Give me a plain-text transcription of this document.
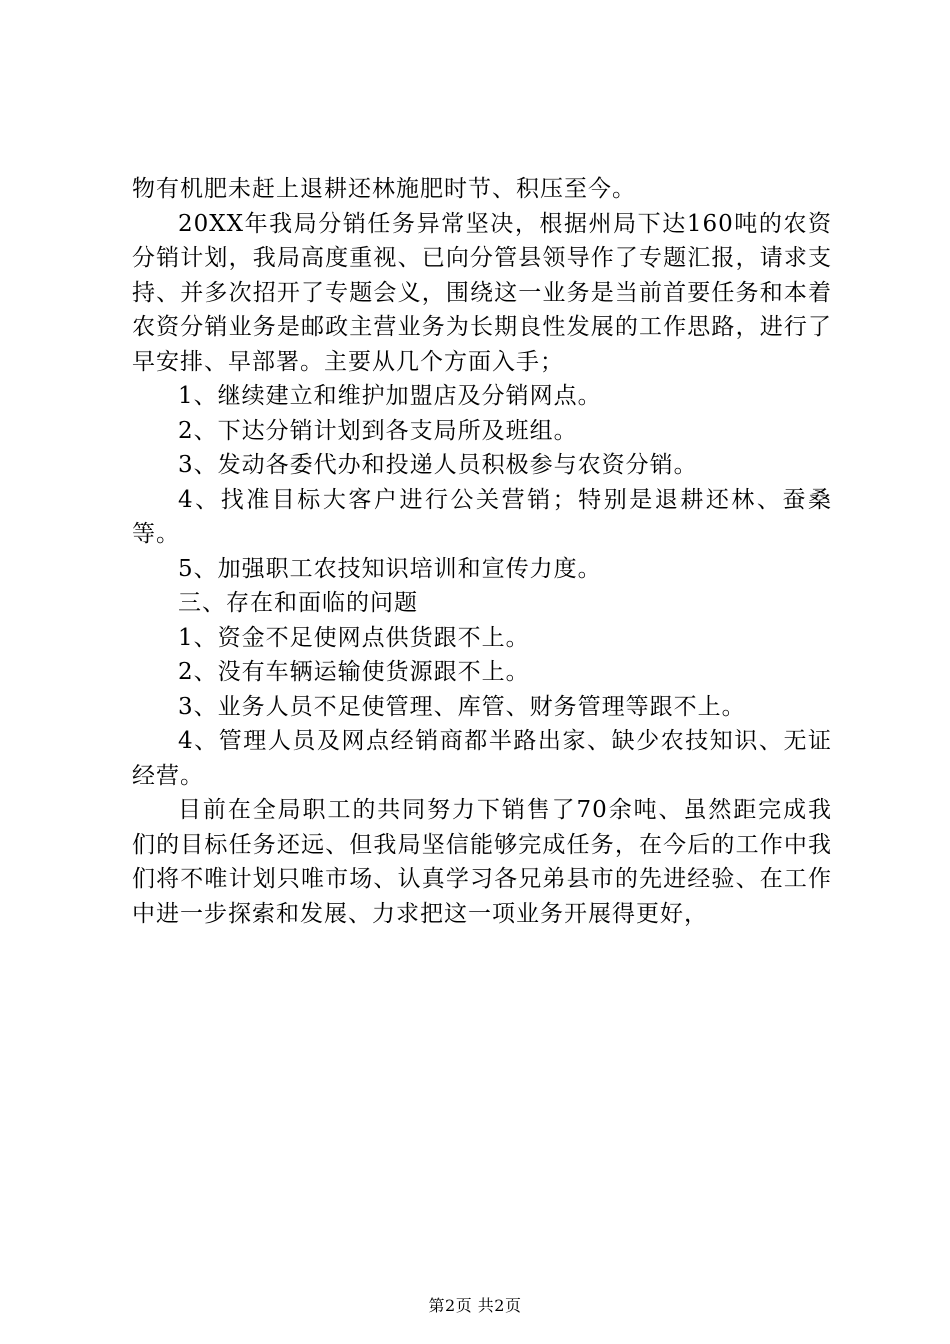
物有机肥未赶上退耕还林施肥时节、积压至今。

20XX年我局分销任务异常坚决，根据州局下达160吨的农资分销计划，我局高度重视、已向分管县领导作了专题汇报，请求支持、并多次招开了专题会义，围绕这一业务是当前首要任务和本着农资分销业务是邮政主营业务为长期良性发展的工作思路，进行了早安排、早部署。主要从几个方面入手；

1、继续建立和维护加盟店及分销网点。

2、下达分销计划到各支局所及班组。

3、发动各委代办和投递人员积极参与农资分销。

4、找准目标大客户进行公关营销；特别是退耕还林、蚕桑等。

5、加强职工农技知识培训和宣传力度。

三、存在和面临的问题

1、资金不足使网点供货跟不上。

2、没有车辆运输使货源跟不上。

3、业务人员不足使管理、库管、财务管理等跟不上。

4、管理人员及网点经销商都半路出家、缺少农技知识、无证经营。

目前在全局职工的共同努力下销售了70余吨、虽然距完成我们的目标任务还远、但我局坚信能够完成任务，在今后的工作中我们将不唯计划只唯市场、认真学习各兄弟县市的先进经验、在工作中进一步探索和发展、力求把这一项业务开展得更好，

第2页 共2页
